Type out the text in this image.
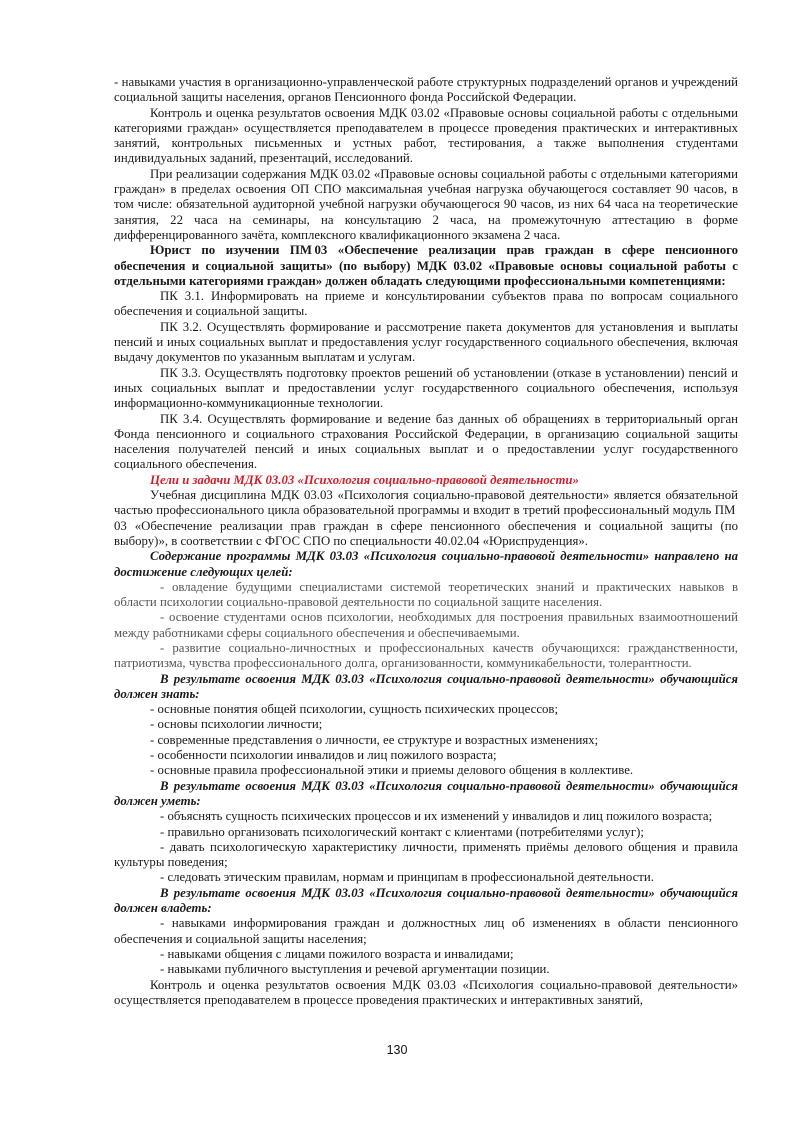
- навыками участия в организационно-управленческой работе структурных подразделений органов и учреждений социальной защиты населения, органов Пенсионного фонда Российской Федерации.

Контроль и оценка результатов освоения МДК 03.02 «Правовые основы социальной работы с отдельными категориями граждан» осуществляется преподавателем в процессе проведения практических и интерактивных занятий, контрольных письменных и устных работ, тестирования, а также выполнения студентами индивидуальных заданий, презентаций, исследований.

При реализации содержания МДК 03.02 «Правовые основы социальной работы с отдельными категориями граждан» в пределах освоения ОП СПО максимальная учебная нагрузка обучающегося составляет 90 часов, в том числе: обязательной аудиторной учебной нагрузки обучающегося 90 часов, из них 64 часа на теоретические занятия, 22 часа на семинары, на консультацию 2 часа, на промежуточную аттестацию в форме дифференцированного зачёта, комплексного квалификационного экзамена 2 часа.

Юрист по изучении ПМ 03 «Обеспечение реализации прав граждан в сфере пенсионного обеспечения и социальной защиты» (по выбору) МДК 03.02 «Правовые основы социальной работы с отдельными категориями граждан» должен обладать следующими профессиональными компетенциями:

ПК 3.1. Информировать на приеме и консультировании субъектов права по вопросам социального обеспечения и социальной защиты.

ПК 3.2. Осуществлять формирование и рассмотрение пакета документов для установления и выплаты пенсий и иных социальных выплат и предоставления услуг государственного социального обеспечения, включая выдачу документов по указанным выплатам и услугам.

ПК 3.3. Осуществлять подготовку проектов решений об установлении (отказе в установлении) пенсий и иных социальных выплат и предоставлении услуг государственного социального обеспечения, используя информационно-коммуникационные технологии.

ПК 3.4. Осуществлять формирование и ведение баз данных об обращениях в территориальный орган Фонда пенсионного и социального страхования Российской Федерации, в организацию социальной защиты населения получателей пенсий и иных социальных выплат и о предоставлении услуг государственного социального обеспечения.

Цели и задачи МДК 03.03 «Психология социально-правовой деятельности»

Учебная дисциплина МДК 03.03 «Психология социально-правовой деятельности» является обязательной частью профессионального цикла образовательной программы и входит в третий профессиональный модуль ПМ 03 «Обеспечение реализации прав граждан в сфере пенсионного обеспечения и социальной защиты (по выбору)», в соответствии с ФГОС СПО по специальности 40.02.04 «Юриспруденция».

Содержание программы МДК 03.03 «Психология социально-правовой деятельности» направлено на достижение следующих целей:

- овладение будущими специалистами системой теоретических знаний и практических навыков в области психологии социально-правовой деятельности по социальной защите населения.

- освоение студентами основ психологии, необходимых для построения правильных взаимоотношений между работниками сферы социального обеспечения и обеспечиваемыми.

- развитие социально-личностных и профессиональных качеств обучающихся: гражданственности, патриотизма, чувства профессионального долга, организованности, коммуникабельности, толерантности.

В результате освоения МДК 03.03 «Психология социально-правовой деятельности» обучающийся должен знать:

- основные понятия общей психологии, сущность психических процессов;

- основы психологии личности;

- современные представления о личности, ее структуре и возрастных изменениях;

- особенности психологии инвалидов и лиц пожилого возраста;

- основные правила профессиональной этики и приемы делового общения в коллективе.

В результате освоения МДК 03.03 «Психология социально-правовой деятельности» обучающийся должен уметь:

- объяснять сущность психических процессов и их изменений у инвалидов и лиц пожилого возраста;

- правильно организовать психологический контакт с клиентами (потребителями услуг);

- давать психологическую характеристику личности, применять приёмы делового общения и правила культуры поведения;

- следовать этическим правилам, нормам и принципам в профессиональной деятельности.

В результате освоения МДК 03.03 «Психология социально-правовой деятельности» обучающийся должен владеть:

- навыками информирования граждан и должностных лиц об изменениях в области пенсионного обеспечения и социальной защиты населения;

- навыками общения с лицами пожилого возраста и инвалидами;

- навыками публичного выступления и речевой аргументации позиции.

Контроль и оценка результатов освоения МДК 03.03 «Психология социально-правовой деятельности» осуществляется преподавателем в процессе проведения практических и интерактивных занятий,

130
